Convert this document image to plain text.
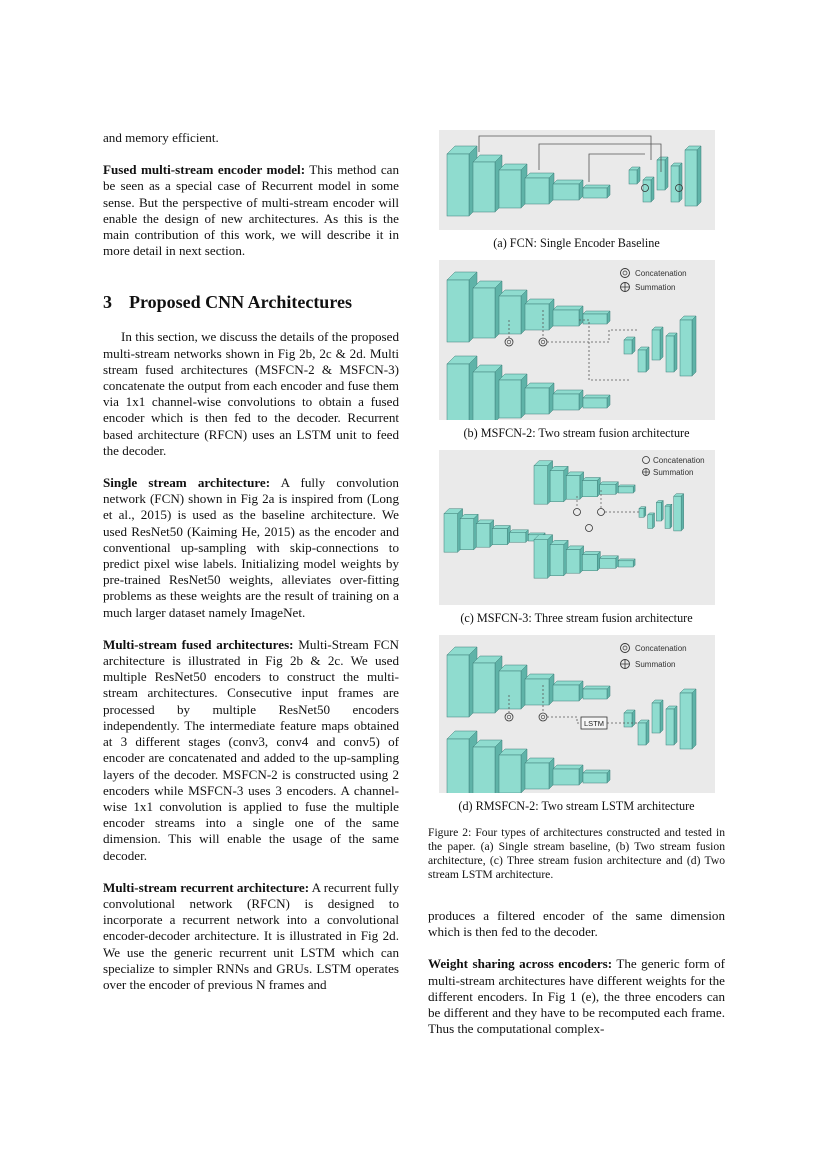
and memory efficient.

Fused multi-stream encoder model: This method can be seen as a special case of Recurrent model in some sense. But the perspective of multi-stream encoder will enable the design of new architectures. As this is the main contribution of this work, we will describe it in more detail in next section.

3 Proposed CNN Architectures

In this section, we discuss the details of the proposed multi-stream networks shown in Fig 2b, 2c & 2d. Multi stream fused architectures (MSFCN-2 & MSFCN-3) concatenate the output from each encoder and fuse them via 1x1 channel-wise convolutions to obtain a fused encoder which is then fed to the decoder. Recurrent based architecture (RFCN) uses an LSTM unit to feed the decoder.

Single stream architecture: A fully convolution network (FCN) shown in Fig 2a is inspired from (Long et al., 2015) is used as the baseline architecture. We used ResNet50 (Kaiming He, 2015) as the encoder and conventional up-sampling with skip-connections to predict pixel wise labels. Initializing model weights by pre-trained ResNet50 weights, alleviates over-fitting problems as these weights are the result of training on a much larger dataset namely ImageNet.

Multi-stream fused architectures: Multi-Stream FCN architecture is illustrated in Fig 2b & 2c. We used multiple ResNet50 encoders to construct the multi-stream architectures. Consecutive input frames are processed by multiple ResNet50 encoders independently. The intermediate feature maps obtained at 3 different stages (conv3, conv4 and conv5) of encoder are concatenated and added to the up-sampling layers of the decoder. MSFCN-2 is constructed using 2 encoders while MSFCN-3 uses 3 encoders. A channel-wise 1x1 convolution is applied to fuse the multiple encoder streams into a single one of the same dimension. This will enable the usage of the same decoder.

Multi-stream recurrent architecture: A recurrent fully convolutional network (RFCN) is designed to incorporate a recurrent network into a convolutional encoder-decoder architecture. It is illustrated in Fig 2d. We use the generic recurrent unit LSTM which can specialize to simpler RNNs and GRUs. LSTM operates over the encoder of previous N frames and

(a) FCN: Single Encoder Baseline
Concatenation
Summation
(b) MSFCN-2: Two stream fusion architecture
Concatenation
Summation
(c) MSFCN-3: Three stream fusion architecture
LSTM
Concatenation
Summation
(d) RMSFCN-2: Two stream LSTM architecture

Figure 2: Four types of architectures constructed and tested in the paper. (a) Single stream baseline, (b) Two stream fusion architecture, (c) Three stream fusion architecture and (d) Two stream LSTM architecture.

produces a filtered encoder of the same dimension which is then fed to the decoder.

Weight sharing across encoders: The generic form of multi-stream architectures have different weights for the different encoders. In Fig 1 (e), the three encoders can be different and they have to be recomputed each frame. Thus the computational complex-
